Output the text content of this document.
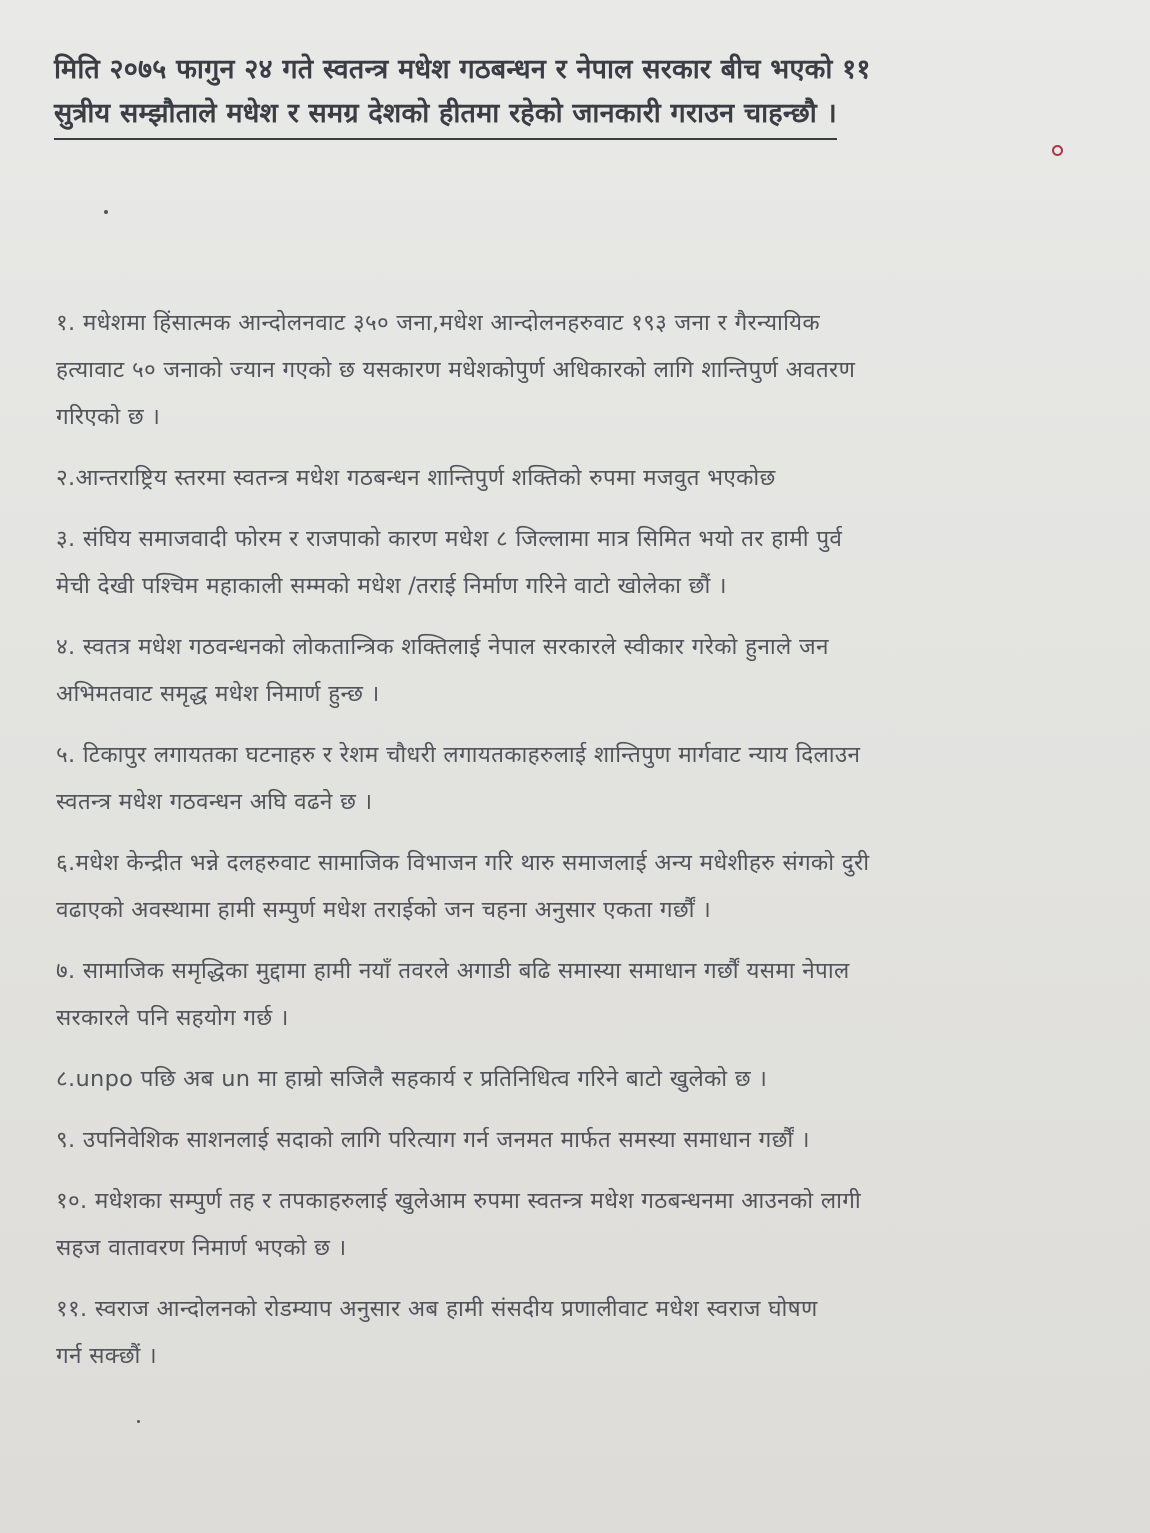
मिति २०७५ फागुन २४ गते स्वतन्त्र मधेश गठबन्धन र नेपाल सरकार बीच भएको ११
सुत्रीय सम्झौताले मधेश र समग्र देशको हीतमा रहेको जानकारी गराउन चाहन्छौ ।
१. मधेशमा हिंसात्मक आन्दोलनवाट ३५० जना,मधेश आन्दोलनहरुवाट १९३ जना र गैरन्यायिक
हत्यावाट ५० जनाको ज्यान गएको छ यसकारण मधेशकोपुर्ण अधिकारको लागि शान्तिपुर्ण अवतरण
गरिएको छ ।
२.आन्तराष्ट्रिय स्तरमा स्वतन्त्र मधेश गठबन्धन शान्तिपुर्ण शक्तिको रुपमा मजवुत भएकोछ
३. संघिय समाजवादी फोरम र राजपाको कारण मधेश ८ जिल्लामा मात्र सिमित भयो तर हामी पुर्व
मेची देखी पश्चिम महाकाली सम्मको मधेश /तराई निर्माण गरिने वाटो खोलेका छौं ।
४. स्वतत्र मधेश गठवन्धनको लोकतान्त्रिक शक्तिलाई नेपाल सरकारले स्वीकार गरेको हुनाले जन
अभिमतवाट समृद्ध मधेश निमार्ण हुन्छ ।
५. टिकापुर लगायतका घटनाहरु र रेशम चौधरी लगायतकाहरुलाई शान्तिपुण मार्गवाट न्याय दिलाउन
स्वतन्त्र मधेश गठवन्धन अघि वढने छ ।
६.मधेश केन्द्रीत भन्ने दलहरुवाट सामाजिक विभाजन गरि थारु समाजलाई अन्य मधेशीहरु संगको दुरी
वढाएको अवस्थामा हामी सम्पुर्ण मधेश तराईको जन चहना अनुसार एकता गर्छौं ।
७. सामाजिक समृद्धिका मुद्दामा हामी नयाँ तवरले अगाडी बढि समास्या समाधान गर्छौं यसमा नेपाल
सरकारले पनि सहयोग गर्छ ।
८.unpo पछि अब un मा हाम्रो सजिलै सहकार्य र प्रतिनिधित्व गरिने बाटो खुलेको छ ।
९. उपनिवेशिक साशनलाई सदाको लागि परित्याग गर्न जनमत मार्फत समस्या समाधान गर्छौं ।
१०. मधेशका सम्पुर्ण तह र तपकाहरुलाई खुलेआम रुपमा स्वतन्त्र मधेश गठबन्धनमा आउनको लागी
सहज वातावरण निमार्ण भएको छ ।
११. स्वराज आन्दोलनको रोडम्याप अनुसार अब हामी संसदीय प्रणालीवाट मधेश स्वराज घोषण
गर्न सक्छौं ।
